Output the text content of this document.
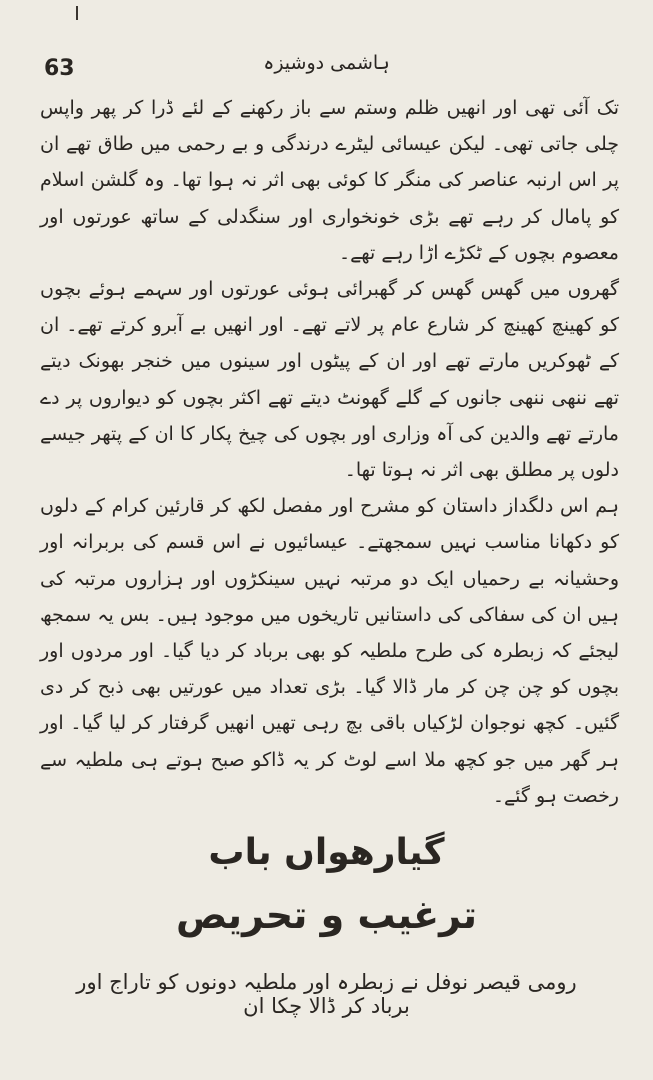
63	ہاشمی دوشیزہ

تک آئی تھی اور انھیں ظلم وستم سے باز رکھنے کے لئے ڈرا کر پھر واپس چلی جاتی تھی۔ لیکن عیسائی لیٹرے درندگی و بے رحمی میں طاق تھے ان پر اس ارنبہ عناصر کی منگر کا کوئی بھی اثر نہ ہوا تھا۔ وہ گلشن اسلام کو پامال کر رہے تھے بڑی خونخواری اور سنگدلی کے ساتھ عورتوں اور معصوم بچوں کے ٹکڑے اڑا رہے تھے۔

گھروں میں گھس گھس کر گھبرائی ہوئی عورتوں اور سہمے ہوئے بچوں کو کھینچ کھینچ کر شارع عام پر لاتے تھے۔ اور انھیں بے آبرو کرتے تھے۔ ان کے ٹھوکریں مارتے تھے اور ان کے پیٹوں اور سینوں میں خنجر بھونک دیتے تھے ننھی ننھی جانوں کے گلے گھونٹ دیتے تھے اکثر بچوں کو دیواروں پر دے مارتے تھے والدین کی آہ وزاری اور بچوں کی چیخ پکار کا ان کے پتھر جیسے دلوں پر مطلق بھی اثر نہ ہوتا تھا۔

ہم اس دلگداز داستان کو مشرح اور مفصل لکھ کر قارئین کرام کے دلوں کو دکھانا مناسب نہیں سمجھتے۔ عیسائیوں نے اس قسم کی بربرانہ اور وحشیانہ بے رحمیاں ایک دو مرتبہ نہیں سینکڑوں اور ہزاروں مرتبہ کی ہیں ان کی سفاکی کی داستانیں تاریخوں میں موجود ہیں۔ بس یہ سمجھ لیجئے کہ زبطرہ کی طرح ملطیہ کو بھی برباد کر دیا گیا۔ اور مردوں اور بچوں کو چن چن کر مار ڈالا گیا۔ بڑی تعداد میں عورتیں بھی ذبح کر دی گئیں۔ کچھ نوجوان لڑکیاں باقی بچ رہی تھیں انھیں گرفتار کر لیا گیا۔ اور ہر گھر میں جو کچھ ملا اسے لوٹ کر یہ ڈاکو صبح ہوتے ہی ملطیہ سے رخصت ہو گئے۔

گیارھواں باب
ترغیب و تحریص
رومی قیصر نوفل نے زبطرہ اور ملطیہ دونوں کو تاراج اور برباد کر ڈالا چکا ان
